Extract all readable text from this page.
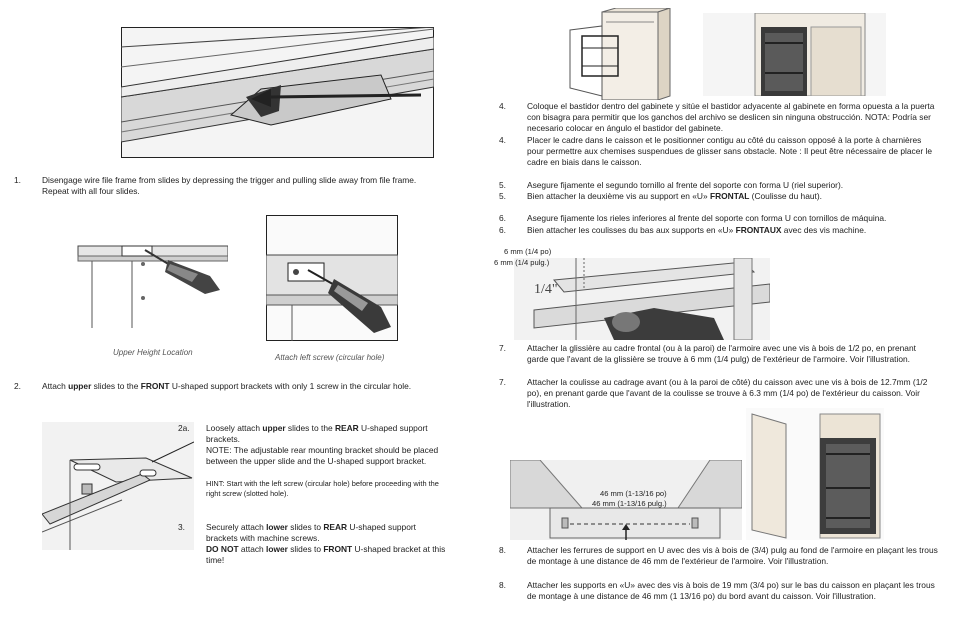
1.	Disengage wire file frame from slides by depressing the trigger and pulling slide away from file frame. Repeat with all four slides.
Upper Height Location
Attach left screw (circular hole)
2.	Attach upper slides to the FRONT U-shaped support brackets with only 1 screw in the circular hole.
2a. Loosely attach upper slides to the REAR U-shaped support brackets.
NOTE: The adjustable rear mounting bracket should be placed between the upper slide and the U-shaped support bracket.
HINT: Start with the left screw (circular hole) before proceeding with the right screw (slotted hole).
3.	Securely attach lower slides to REAR U-shaped support brackets with machine screws.
DO NOT attach lower slides to FRONT U-shaped bracket at this time!
4.	Coloque el bastidor dentro del gabinete y sitúe el bastidor adyacente al gabinete en forma opuesta a la puerta con bisagra para permitir que los ganchos del archivo se deslicen sin ninguna obstrucción. NOTA: Podría ser necesario colocar en ángulo el bastidor del gabinete.
4.	Placer le cadre dans le caisson et le positionner contigu au côté du caisson opposé à la porte à charnières pour permettre aux chemises suspendues de glisser sans obstacle. Note : Il peut être nécessaire de placer le cadre en biais dans le caisson.
5.	Asegure fijamente el segundo tornillo al frente del soporte con forma U (riel superior).
5.	Bien attacher la deuxième vis au support en «U» FRONTAL (Coulisse du haut).
6.	Asegure fijamente los rieles inferiores al frente del soporte con forma U con tornillos de máquina.
6.	Bien attacher les coulisses du bas aux supports en «U» FRONTAUX avec des vis machine.
1/4"
6 mm (1/4 po)
6 mm (1/4 pulg.)
7.	Attacher la glissière au cadre frontal (ou à la paroi) de l'armoire avec une vis à bois de 1/2 po, en prenant garde que l'avant de la glissière se trouve à 6 mm (1/4 pulg) de l'extérieur de l'armoire. Voir l'illustration.
7.	Attacher la coulisse au cadrage avant (ou à la paroi de côté) du caisson avec une vis à bois de 12.7mm (1/2 po), en prenant garde que l'avant de la coulisse se trouve à 6.3 mm (1/4 po) de l'extérieur du caisson. Voir l'illustration.
46 mm (1-13/16 po)
46 mm (1-13/16 pulg.)
8.	Attacher les ferrures de support en U avec des vis à bois de (3/4) pulg au fond de l'armoire en plaçant les trous de montage à une distance de 46 mm de l'extérieur de l'armoire. Voir l'illustration.
8.	Attacher les supports en «U» avec des vis à bois de 19 mm (3/4 po) sur le bas du caisson en plaçant les trous de montage à une distance de 46 mm (1 13/16 po) du bord avant du caisson. Voir l'illustration.
